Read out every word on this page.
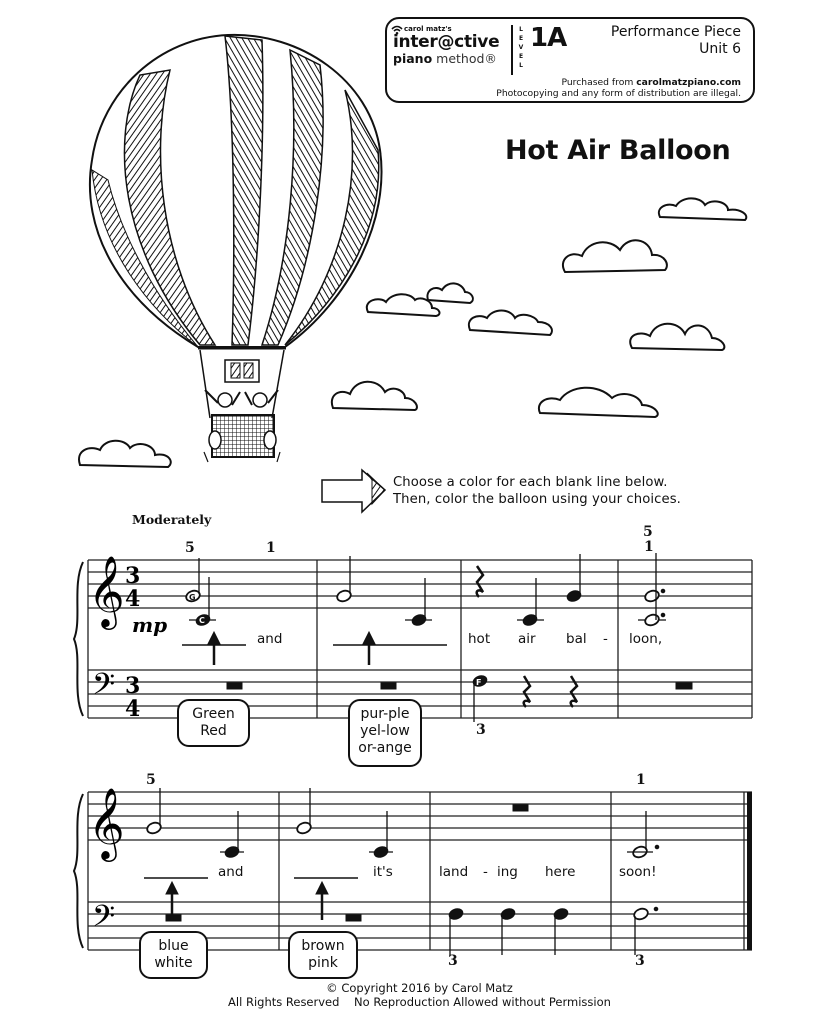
carol matz's
inter@ctive
piano method®
L
E
V
E
L
1A	Performance Piece
Unit 6
Purchased from carolmatzpiano.com
Photocopying and any form of distribution are illegal.
Hot Air Balloon
𝄞
𝄢
3
4
3
4
mp
G
C
F
𝄞
𝄢
Choose a color for each blank line below.
Then, color the balloon using your choices.
Moderately
5	1
5
1
3
and	hot air bal - loon,
Green
Red
pur-ple
yel-low
or-ange
5	1
3	3
and	it's	land - ing here	soon!
blue
white
brown
pink
© Copyright 2016 by Carol Matz
All Rights Reserved    No Reproduction Allowed without Permission
